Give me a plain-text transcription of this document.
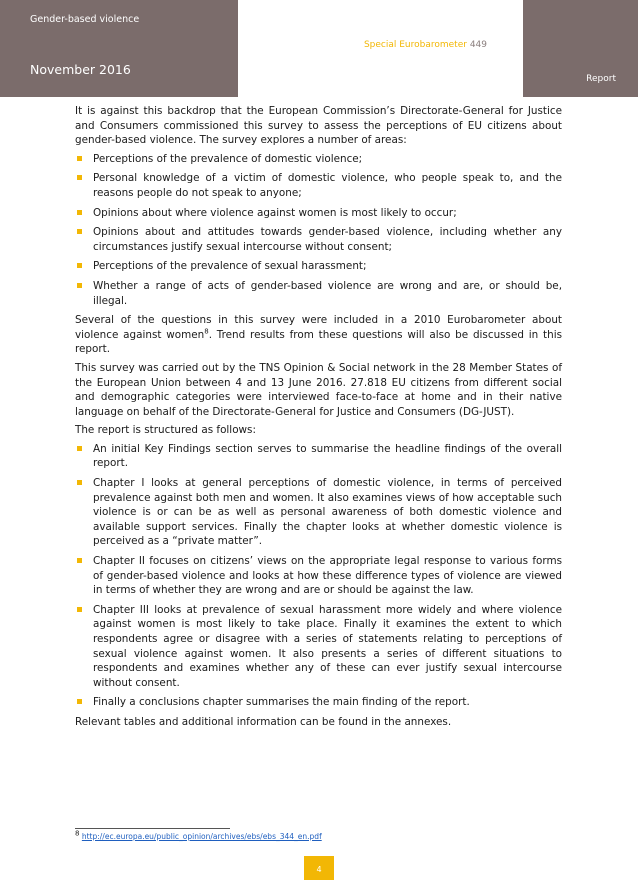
Gender-based violence
November 2016
Special Eurobarometer 449
Report

It is against this backdrop that the European Commission’s Directorate-General for Justice and Consumers commissioned this survey to assess the perceptions of EU citizens about gender-based violence. The survey explores a number of areas:

Perceptions of the prevalence of domestic violence;
Personal knowledge of a victim of domestic violence, who people speak to, and the reasons people do not speak to anyone;
Opinions about where violence against women is most likely to occur;
Opinions about and attitudes towards gender-based violence, including whether any circumstances justify sexual intercourse without consent;
Perceptions of the prevalence of sexual harassment;
Whether a range of acts of gender-based violence are wrong and are, or should be, illegal.

Several of the questions in this survey were included in a 2010 Eurobarometer about violence against women$^8$. Trend results from these questions will also be discussed in this report.

This survey was carried out by the TNS Opinion & Social network in the 28 Member States of the European Union between 4 and 13 June 2016. 27.818 EU citizens from different social and demographic categories were interviewed face-to-face at home and in their native language on behalf of the Directorate-General for Justice and Consumers (DG-JUST).

The report is structured as follows:

An initial Key Findings section serves to summarise the headline findings of the overall report.
Chapter I looks at general perceptions of domestic violence, in terms of perceived prevalence against both men and women. It also examines views of how acceptable such violence is or can be as well as personal awareness of both domestic violence and available support services. Finally the chapter looks at whether domestic violence is perceived as a “private matter”.
Chapter II focuses on citizens’ views on the appropriate legal response to various forms of gender-based violence and looks at how these difference types of violence are viewed in terms of whether they are wrong and are or should be against the law.
Chapter III looks at prevalence of sexual harassment more widely and where violence against women is most likely to take place. Finally it examines the extent to which respondents agree or disagree with a series of statements relating to perceptions of sexual violence against women. It also presents a series of different situations to respondents and examines whether any of these can ever justify sexual intercourse without consent.
Finally a conclusions chapter summarises the main finding of the report.

Relevant tables and additional information can be found in the annexes.

$^8$ http://ec.europa.eu/public_opinion/archives/ebs/ebs_344_en.pdf
4
